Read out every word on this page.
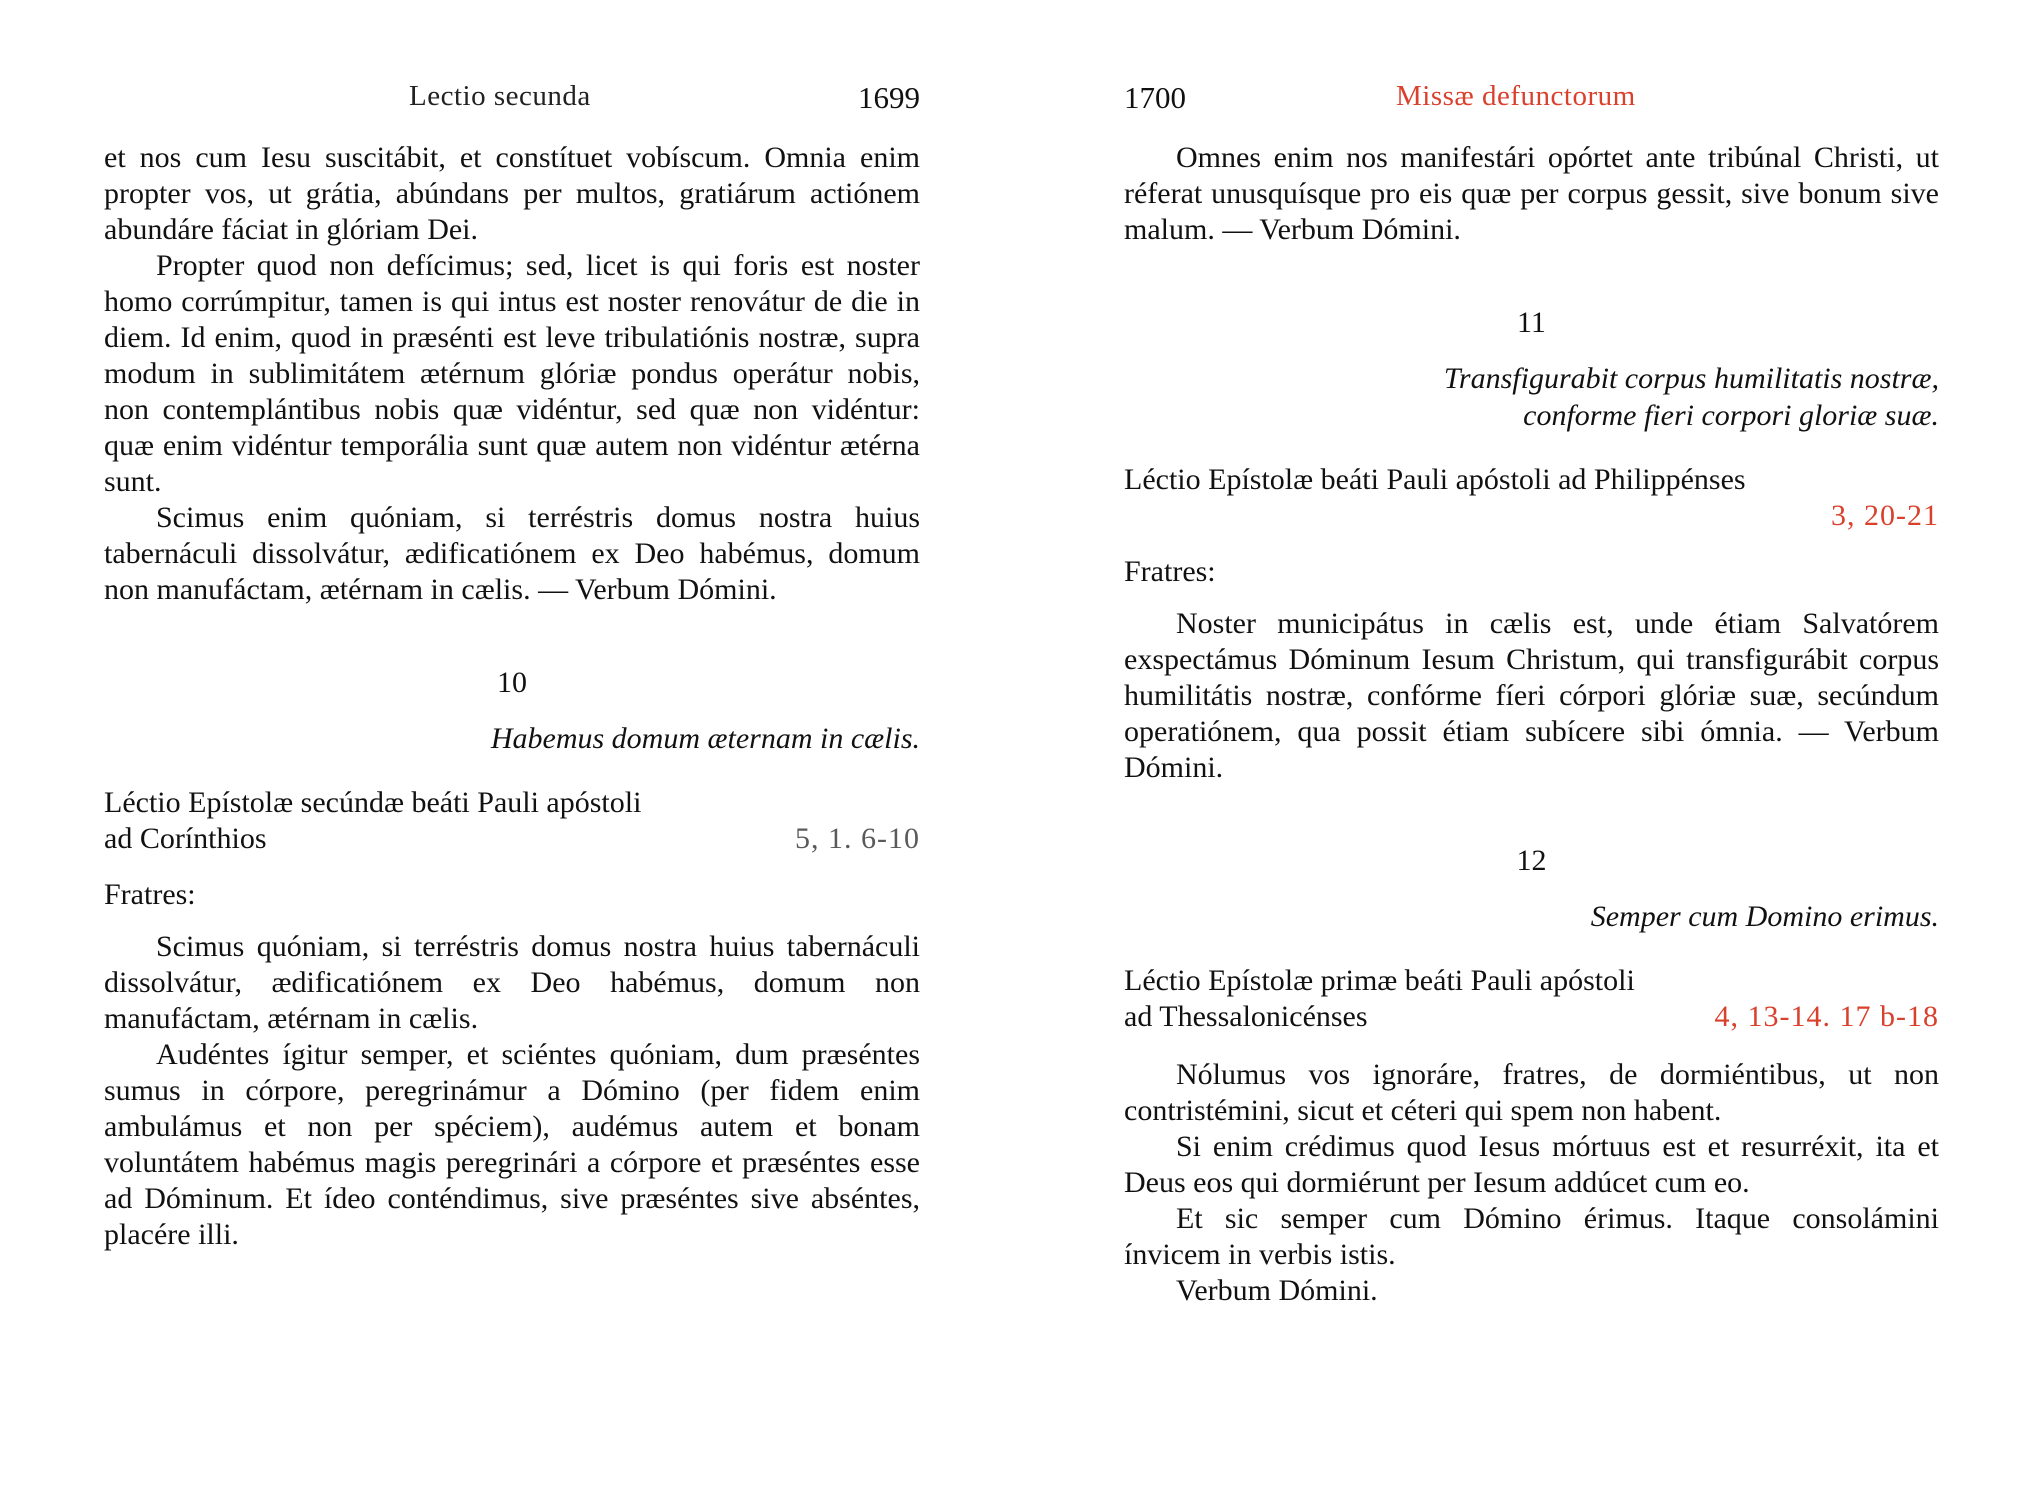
Lectio secunda	1699

et nos cum Iesu suscitábit, et constítuet vobíscum. Omnia enim propter vos, ut grátia, abúndans per multos, gratiárum actiónem abundáre fáciat in glóriam Dei.

Propter quod non defícimus; sed, licet is qui foris est noster homo corrúmpitur, tamen is qui intus est noster renovátur de die in diem. Id enim, quod in præsénti est leve tribulatiónis nostræ, supra modum in sublimitátem ætérnum glóriæ pondus operátur nobis, non contemplántibus nobis quæ vidéntur, sed quæ non vidéntur: quæ enim vidéntur temporália sunt quæ autem non vidéntur ætérna sunt.

Scimus enim quóniam, si terréstris domus nostra huius tabernáculi dissolvátur, ædificatiónem ex Deo habémus, domum non manufáctam, ætérnam in cælis. — Verbum Dómini.

10
Habemus domum æternam in cælis.
Léctio Epístolæ secúndæ beáti Pauli apóstoli
ad Corínthios	5, 1. 6-10
Fratres:

Scimus quóniam, si terréstris domus nostra huius tabernáculi dissolvátur, ædificatiónem ex Deo habémus, domum non manufáctam, ætérnam in cælis.

Audéntes ígitur semper, et sciéntes quóniam, dum præséntes sumus in córpore, peregrinámur a Dómino (per fidem enim ambulámus et non per spéciem), audémus autem et bonam voluntátem habémus magis peregrinári a córpore et præséntes esse ad Dóminum. Et ídeo conténdimus, sive præséntes sive abséntes, placére illi.

1700	Missæ defunctorum

Omnes enim nos manifestári opórtet ante tribúnal Christi, ut réferat unusquísque pro eis quæ per corpus gessit, sive bonum sive malum. — Verbum Dómini.

11
Transfigurabit corpus humilitatis nostræ,
conforme fieri corpori gloriæ suæ.
Léctio Epístolæ beáti Pauli apóstoli ad Philippénses
3, 20-21
Fratres:

Noster municipátus in cælis est, unde étiam Salvatórem exspectámus Dóminum Iesum Christum, qui transfigurábit corpus humilitátis nostræ, confórme fíeri córpori glóriæ suæ, secúndum operatiónem, qua possit étiam subícere sibi ómnia. — Verbum Dómini.

12
Semper cum Domino erimus.
Léctio Epístolæ primæ beáti Pauli apóstoli
ad Thessalonicénses	4, 13-14. 17 b-18

Nólumus vos ignoráre, fratres, de dormiéntibus, ut non contristémini, sicut et céteri qui spem non habent.

Si enim crédimus quod Iesus mórtuus est et resurréxit, ita et Deus eos qui dormiérunt per Iesum addúcet cum eo.

Et sic semper cum Dómino érimus. Itaque consolámini ínvicem in verbis istis.

Verbum Dómini.
